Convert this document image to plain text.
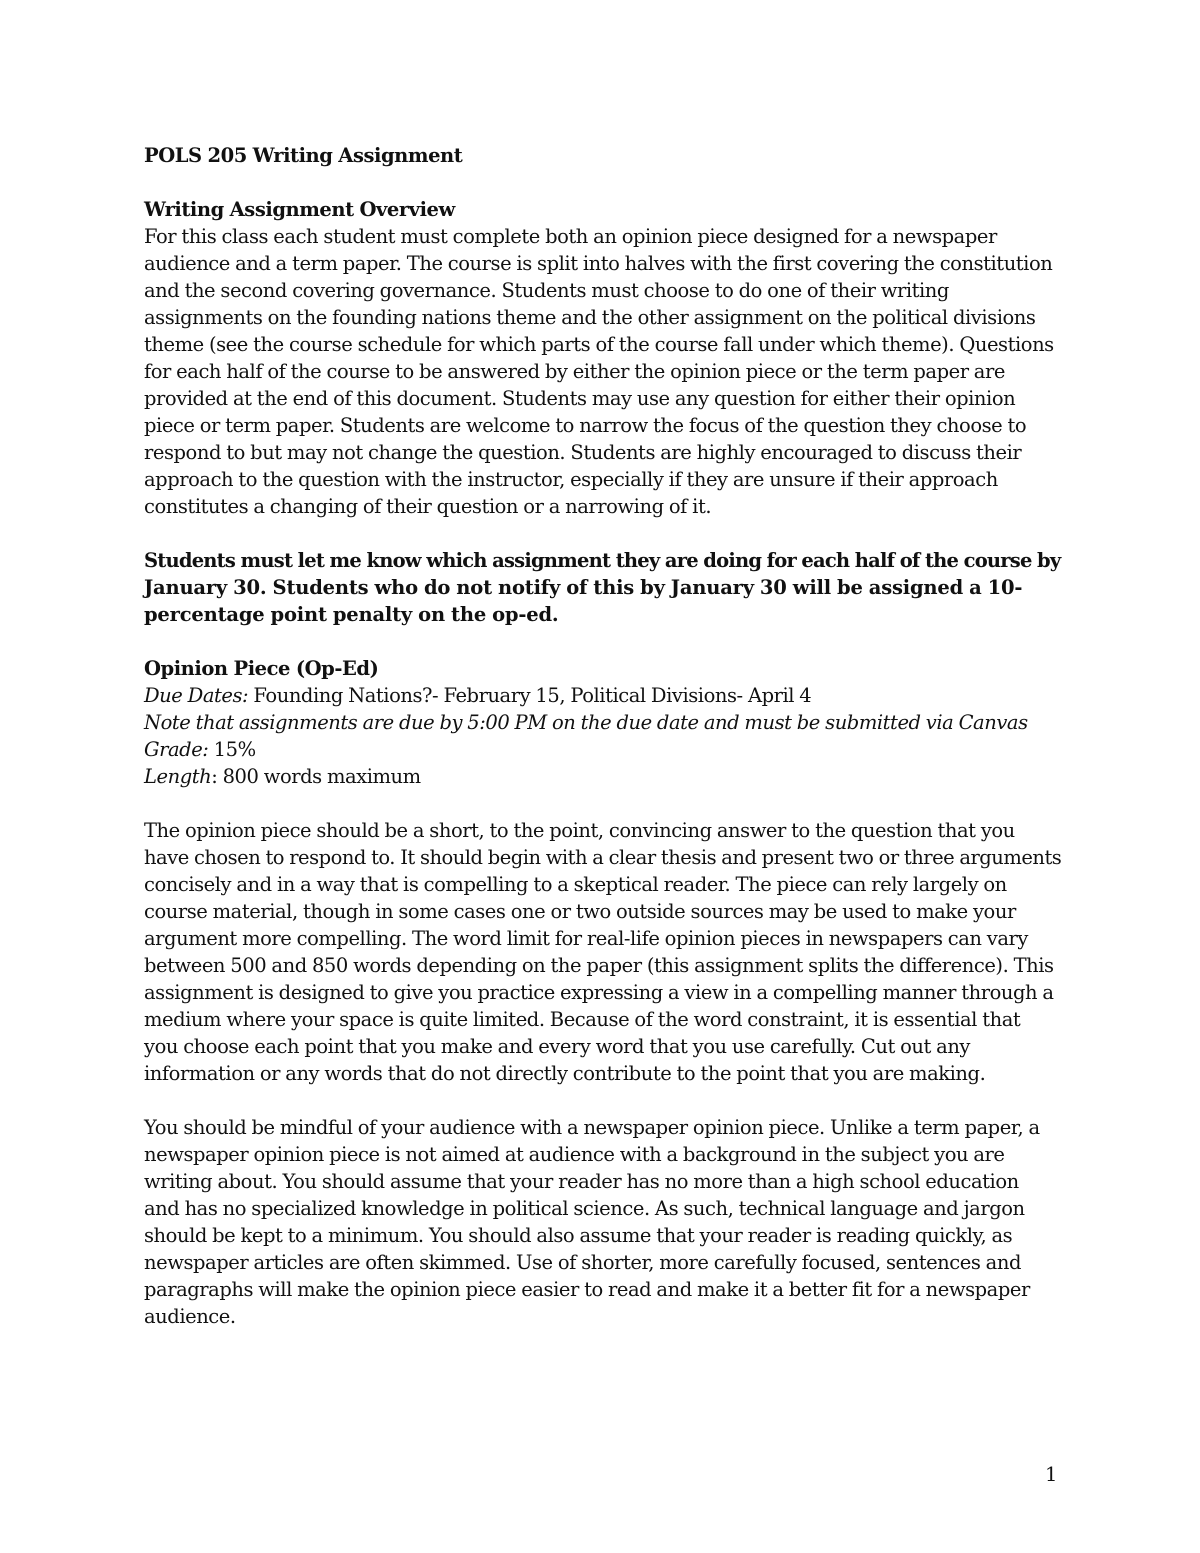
POLS 205 Writing Assignment
Writing Assignment Overview
For this class each student must complete both an opinion piece designed for a newspaper
audience and a term paper. The course is split into halves with the first covering the constitution
and the second covering governance. Students must choose to do one of their writing
assignments on the founding nations theme and the other assignment on the political divisions
theme (see the course schedule for which parts of the course fall under which theme). Questions
for each half of the course to be answered by either the opinion piece or the term paper are
provided at the end of this document. Students may use any question for either their opinion
piece or term paper. Students are welcome to narrow the focus of the question they choose to
respond to but may not change the question. Students are highly encouraged to discuss their
approach to the question with the instructor, especially if they are unsure if their approach
constitutes a changing of their question or a narrowing of it.
Students must let me know which assignment they are doing for each half of the course by
January 30. Students who do not notify of this by January 30 will be assigned a 10-
percentage point penalty on the op-ed.
Opinion Piece (Op-Ed)
Due Dates: Founding Nations?- February 15, Political Divisions- April 4
Note that assignments are due by 5:00 PM on the due date and must be submitted via Canvas
Grade: 15%
Length: 800 words maximum
The opinion piece should be a short, to the point, convincing answer to the question that you
have chosen to respond to. It should begin with a clear thesis and present two or three arguments
concisely and in a way that is compelling to a skeptical reader. The piece can rely largely on
course material, though in some cases one or two outside sources may be used to make your
argument more compelling. The word limit for real-life opinion pieces in newspapers can vary
between 500 and 850 words depending on the paper (this assignment splits the difference). This
assignment is designed to give you practice expressing a view in a compelling manner through a
medium where your space is quite limited. Because of the word constraint, it is essential that
you choose each point that you make and every word that you use carefully. Cut out any
information or any words that do not directly contribute to the point that you are making.
You should be mindful of your audience with a newspaper opinion piece. Unlike a term paper, a
newspaper opinion piece is not aimed at audience with a background in the subject you are
writing about. You should assume that your reader has no more than a high school education
and has no specialized knowledge in political science. As such, technical language and jargon
should be kept to a minimum. You should also assume that your reader is reading quickly, as
newspaper articles are often skimmed. Use of shorter, more carefully focused, sentences and
paragraphs will make the opinion piece easier to read and make it a better fit for a newspaper
audience.
1
